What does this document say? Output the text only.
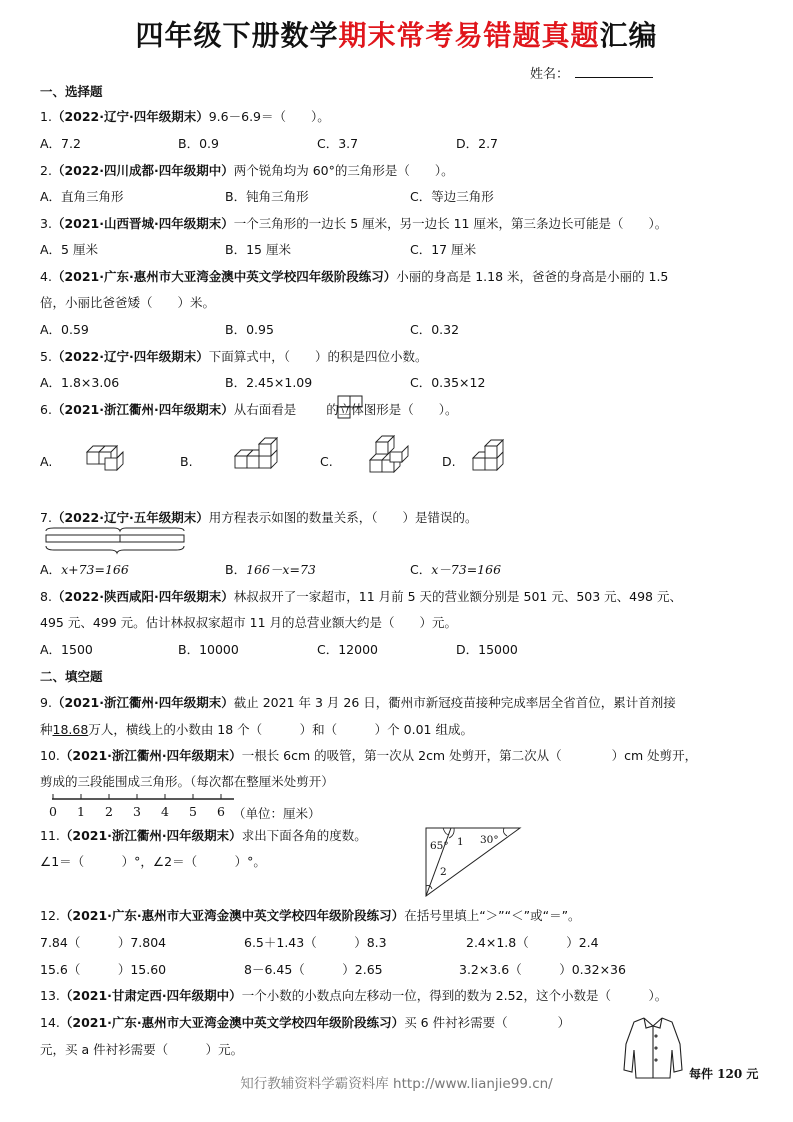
四年级下册数学期末常考易错题真题汇编
姓名：
一、选择题
1.（2022·辽宁·四年级期末）9.6－6.9＝（　　）。
A．7.2	B．0.9	C．3.7	D．2.7
2.（2022·四川成都·四年级期中）两个锐角均为 60°的三角形是（　　）。
A．直角三角形	B．钝角三角形	C．等边三角形
3.（2021·山西晋城·四年级期末）一个三角形的一边长 5 厘米，另一边长 11 厘米，第三条边长可能是（　　）。
A．5 厘米	B．15 厘米	C．17 厘米
4.（2021·广东·惠州市大亚湾金澳中英文学校四年级阶段练习）小丽的身高是 1.18 米，爸爸的身高是小丽的 1.5
倍，小丽比爸爸矮（　　）米。
A．0.59	B．0.95	C．0.32
5.（2022·辽宁·四年级期末）下面算式中，（　　）的积是四位小数。
A．1.8×3.06	B．2.45×1.09	C．0.35×12
6.（2021·浙江衢州·四年级期末）从右面看是 的立体图形是（　　）。
A.	B.	C.	D.
7.（2022·辽宁·五年级期末）用方程表示如图的数量关系，（　　）是错误的。
A．x+73=166	B．166－x=73	C．x－73=166
8.（2022·陕西咸阳·四年级期末）林叔叔开了一家超市，11 月前 5 天的营业额分别是 501 元、503 元、498 元、
495 元、499 元。估计林叔叔家超市 11 月的总营业额大约是（　　）元。
A．1500	B．10000	C．12000	D．15000
二、填空题
9.（2021·浙江衢州·四年级期末）截止 2021 年 3 月 26 日，衢州市新冠疫苗接种完成率居全省首位，累计首剂接
种18.68万人，横线上的小数由 18 个（　　　）和（　　　）个 0.01 组成。
10.（2021·浙江衢州·四年级期末）一根长 6cm 的吸管，第一次从 2cm 处剪开，第二次从（　　　　）cm 处剪开，
剪成的三段能围成三角形。（每次都在整厘米处剪开）
0 1 2 3 4 5 6 （单位：厘米）
11.（2021·浙江衢州·四年级期末）求出下面各角的度数。
∠1＝（　　　）°，∠2＝（　　　）°。
65° 1 30°
2
12.（2021·广东·惠州市大亚湾金澳中英文学校四年级阶段练习）在括号里填上“＞”“＜”或“＝”。
7.84（　　　）7.804	6.5＋1.43（　　　）8.3	2.4×1.8（　　　）2.4
15.6（　　　）15.60	8－6.45（　　　）2.65	3.2×3.6（　　　）0.32×36
13.（2021·甘肃定西·四年级期中）一个小数的小数点向左移动一位，得到的数为 2.52，这个小数是（　　　）。
14.（2021·广东·惠州市大亚湾金澳中英文学校四年级阶段练习）买 6 件衬衫需要（　　　　）
元，买 a 件衬衫需要（　　　）元。
每件 120 元
知行教辅资料学霸资料库 http://www.lianjie99.cn/
